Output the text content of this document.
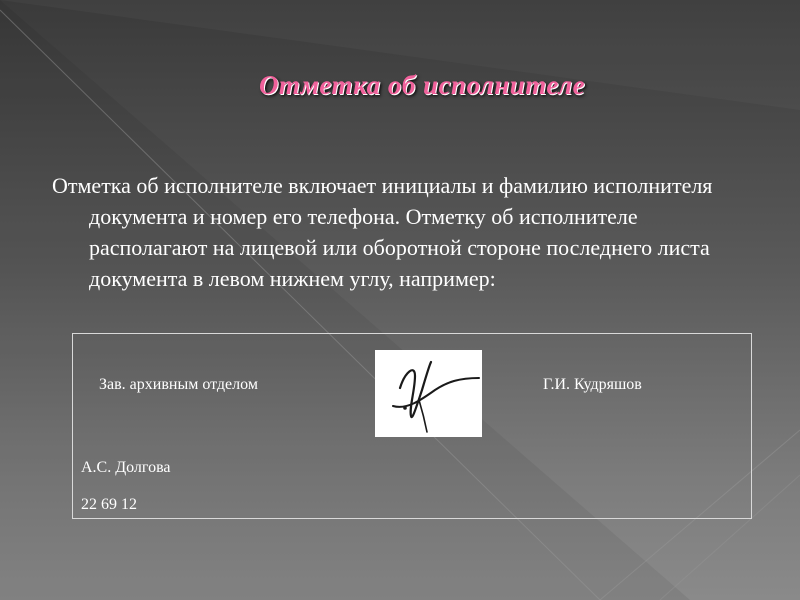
Отметка об исполнителе
Отметка об исполнителе включает инициалы и фамилию исполнителя документа и номер его телефона. Отметку об исполнителе располагают на лицевой или оборотной стороне последнего листа документа в левом нижнем углу, например:
Зав. архивным отделом	Г.И. Кудряшов
А.С. Долгова
22 69 12
